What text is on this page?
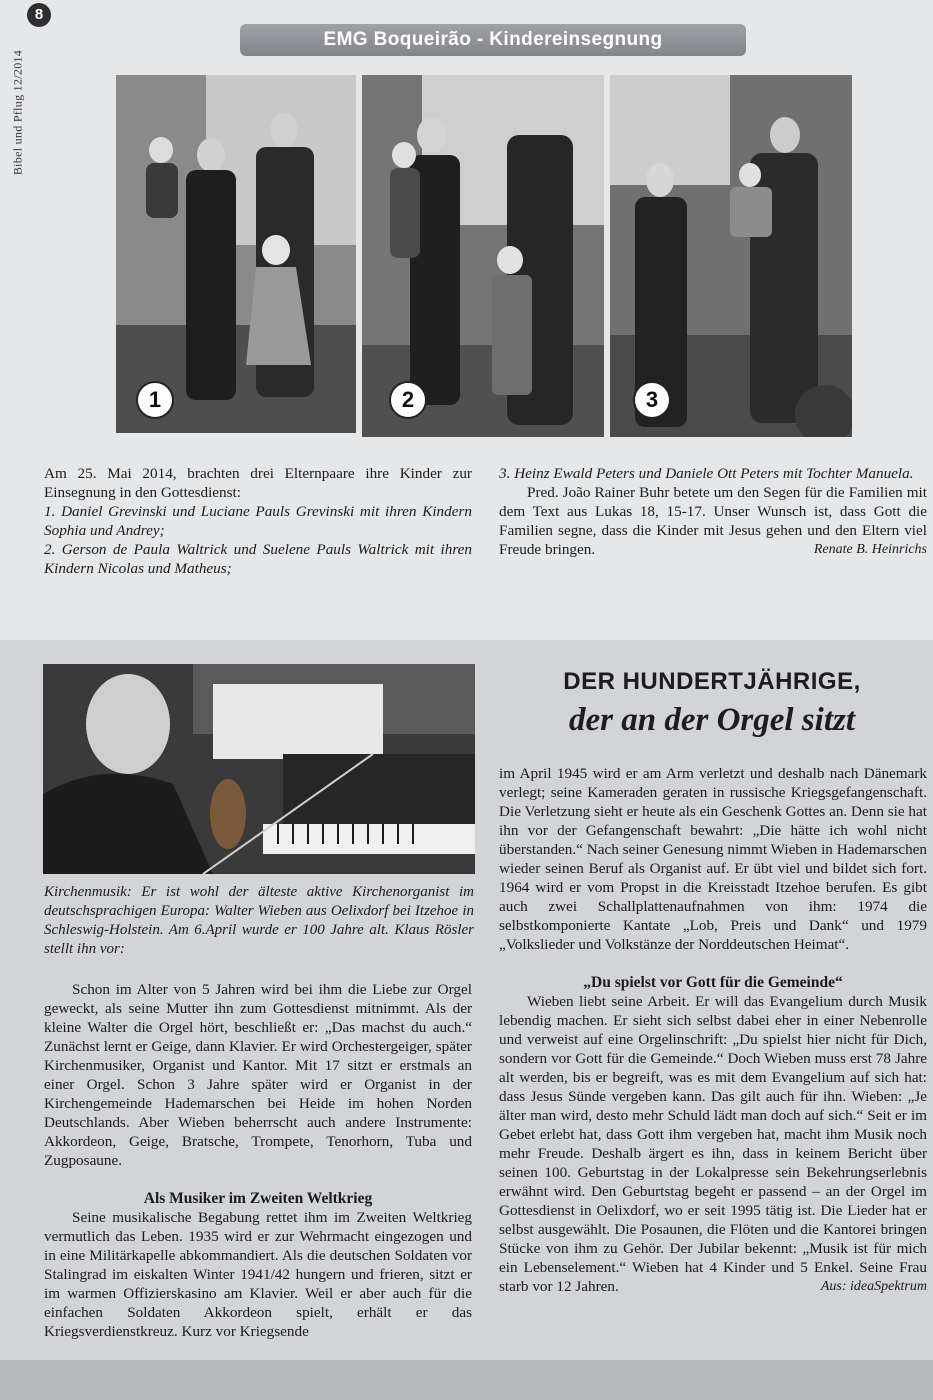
Bibel und Pflug 12/2014
8
EMG Boqueirão - Kindereinsegnung
1	2	3

Am 25. Mai 2014, brachten drei Elternpaare ihre Kinder zur Einsegnung in den Gottesdienst:

1. Daniel Grevinski und Luciane Pauls Grevinski mit ihren Kindern Sophia und Andrey;

2. Gerson de Paula Waltrick und Suelene Pauls Waltrick mit ihren Kindern Nicolas und Matheus;

3. Heinz Ewald Peters und Daniele Ott Peters mit Tochter Manuela.

Pred. João Rainer Buhr betete um den Segen für die Familien mit dem Text aus Lukas 18, 15-17. Unser Wunsch ist, dass Gott die Familien segne, dass die Kinder mit Jesus gehen und den Eltern viel Freude bringen.	Renate B. Heinrichs

Kirchenmusik: Er ist wohl der älteste aktive Kirchenorganist im deutschsprachigen Europa: Walter Wieben aus Oelixdorf bei Itzehoe in Schleswig-Holstein. Am 6.April wurde er 100 Jahre alt. Klaus Rösler stellt ihn vor:
DER HUNDERTJÄHRIGE,
der an der Orgel sitzt

Schon im Alter von 5 Jahren wird bei ihm die Liebe zur Orgel geweckt, als seine Mutter ihn zum Gottesdienst mitnimmt. Als der kleine Walter die Orgel hört, beschließt er: „Das machst du auch.“ Zunächst lernt er Geige, dann Klavier. Er wird Orchestergeiger, später Kirchenmusiker, Organist und Kantor. Mit 17 sitzt er erstmals an einer Orgel. Schon 3 Jahre später wird er Organist in der Kirchengemeinde Hademarschen bei Heide im hohen Norden Deutschlands. Aber Wieben beherrscht auch andere Instrumente: Akkordeon, Geige, Bratsche, Trompete, Tenorhorn, Tuba und Zugposaune.

Als Musiker im Zweiten Weltkrieg

Seine musikalische Begabung rettet ihm im Zweiten Weltkrieg vermutlich das Leben. 1935 wird er zur Wehrmacht eingezogen und in eine Militärkapelle abkommandiert. Als die deutschen Soldaten vor Stalingrad im eiskalten Winter 1941/42 hungern und frieren, sitzt er im warmen Offizierskasino am Klavier. Weil er aber auch für die einfachen Soldaten Akkordeon spielt, erhält er das Kriegsverdienstkreuz. Kurz vor Kriegsende

im April 1945 wird er am Arm verletzt und deshalb nach Dänemark verlegt; seine Kameraden geraten in russische Kriegsgefangenschaft. Die Verletzung sieht er heute als ein Geschenk Gottes an. Denn sie hat ihn vor der Gefangenschaft bewahrt: „Die hätte ich wohl nicht überstanden.“ Nach seiner Genesung nimmt Wieben in Hademarschen wieder seinen Beruf als Organist auf. Er übt viel und bildet sich fort. 1964 wird er vom Propst in die Kreisstadt Itzehoe berufen. Es gibt auch zwei Schallplattenaufnahmen von ihm: 1974 die selbstkomponierte Kantate „Lob, Preis und Dank“ und 1979 „Volkslieder und Volkstänze der Norddeutschen Heimat“.

„Du spielst vor Gott für die Gemeinde“

Wieben liebt seine Arbeit. Er will das Evangelium durch Musik lebendig machen. Er sieht sich selbst dabei eher in einer Nebenrolle und verweist auf eine Orgelinschrift: „Du spielst hier nicht für Dich, sondern vor Gott für die Gemeinde.“ Doch Wieben muss erst 78 Jahre alt werden, bis er begreift, was es mit dem Evangelium auf sich hat: dass Jesus Sünde vergeben kann. Das gilt auch für ihn. Wieben: „Je älter man wird, desto mehr Schuld lädt man doch auf sich.“ Seit er im Gebet erlebt hat, dass Gott ihm vergeben hat, macht ihm Musik noch mehr Freude. Deshalb ärgert es ihn, dass in keinem Bericht über seinen 100. Geburtstag in der Lokalpresse sein Bekehrungserlebnis erwähnt wird. Den Geburtstag begeht er passend – an der Orgel im Gottesdienst in Oelixdorf, wo er seit 1995 tätig ist. Die Lieder hat er selbst ausgewählt. Die Posaunen, die Flöten und die Kantorei bringen Stücke von ihm zu Gehör. Der Jubilar bekennt: „Musik ist für mich ein Lebenselement.“ Wieben hat 4 Kinder und 5 Enkel. Seine Frau starb vor 12 Jahren.	Aus: ideaSpektrum
